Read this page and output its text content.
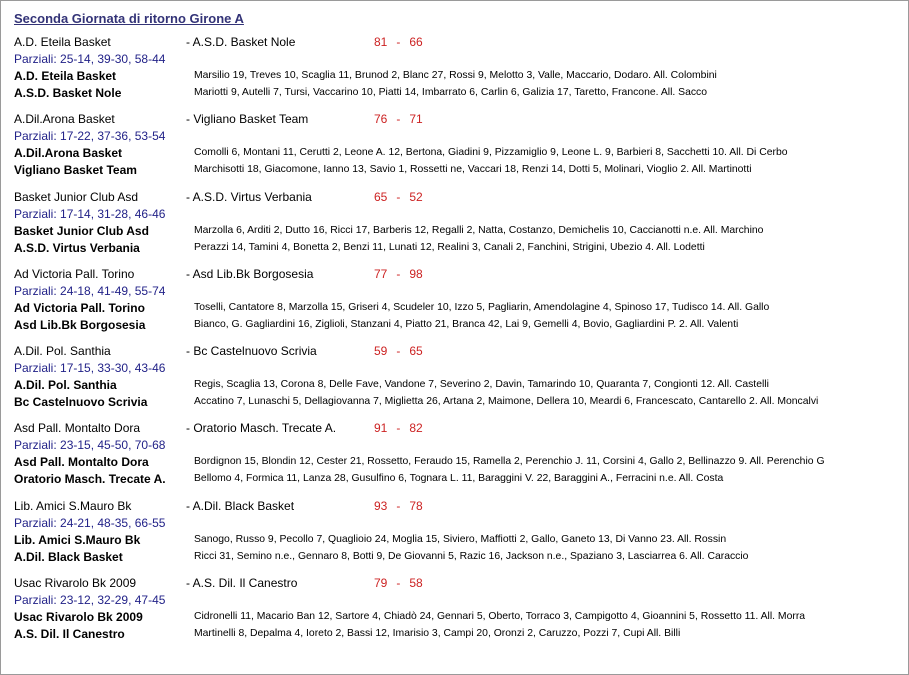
Seconda Giornata di ritorno Girone A
A.D. Eteila Basket	- A.S.D. Basket Nole	81 - 66
Parziali: 25-14, 39-30, 58-44
A.D. Eteila Basket	Marsilio 19, Treves 10, Scaglia 11, Brunod 2, Blanc 27, Rossi 9, Melotto 3, Valle, Maccario, Dodaro. All. Colombini
A.S.D. Basket Nole	Mariotti 9, Autelli 7, Tursi, Vaccarino 10, Piatti 14, Imbarrato 6, Carlin 6, Galizia 17, Taretto, Francone. All. Sacco
A.Dil.Arona Basket	- Vigliano Basket Team	76 - 71
Parziali: 17-22, 37-36, 53-54
A.Dil.Arona Basket	Comolli 6, Montani 11, Cerutti 2, Leone A. 12, Bertona, Giadini 9, Pizzamiglio 9, Leone L. 9, Barbieri 8, Sacchetti 10. All. Di Cerbo
Vigliano Basket Team	Marchisotti 18, Giacomone, Ianno 13, Savio 1, Rossetti ne, Vaccari 18, Renzi 14, Dotti 5, Molinari, Vioglio 2. All. Martinotti
Basket Junior Club Asd	- A.S.D. Virtus Verbania	65 - 52
Parziali: 17-14, 31-28, 46-46
Basket Junior Club Asd	Marzolla 6, Arditi 2, Dutto 16, Ricci 17, Barberis 12, Regalli 2, Natta, Costanzo, Demichelis 10, Caccianotti n.e. All. Marchino
A.S.D. Virtus Verbania	Perazzi 14, Tamini 4, Bonetta 2, Benzi 11, Lunati 12, Realini 3, Canali 2, Fanchini, Strigini, Ubezio 4. All. Lodetti
Ad Victoria Pall. Torino	- Asd Lib.Bk Borgosesia	77 - 98
Parziali: 24-18, 41-49, 55-74
Ad Victoria Pall. Torino	Toselli, Cantatore 8, Marzolla 15, Griseri 4, Scudeler 10, Izzo 5, Pagliarin, Amendolagine 4, Spinoso 17, Tudisco 14. All. Gallo
Asd Lib.Bk Borgosesia	Bianco, G. Gagliardini 16, Ziglioli, Stanzani 4, Piatto 21, Branca 42, Lai 9, Gemelli 4, Bovio, Gagliardini P. 2. All. Valenti
A.Dil. Pol. Santhia	- Bc Castelnuovo Scrivia	59 - 65
Parziali: 17-15, 33-30, 43-46
A.Dil. Pol. Santhia	Regis, Scaglia 13, Corona 8, Delle Fave, Vandone 7, Severino 2, Davin, Tamarindo 10, Quaranta 7, Congionti 12. All. Castelli
Bc Castelnuovo Scrivia	Accatino 7, Lunaschi 5, Dellagiovanna 7, Miglietta 26, Artana 2, Maimone, Dellera 10, Meardi 6, Francescato, Cantarello 2. All. Moncalvi
Asd Pall. Montalto Dora	- Oratorio Masch. Trecate A.	91 - 82
Parziali: 23-15, 45-50, 70-68
Asd Pall. Montalto Dora	Bordignon 15, Blondin 12, Cester 21, Rossetto, Feraudo 15, Ramella 2, Perenchio J. 11, Corsini 4, Gallo 2, Bellinazzo 9. All. Perenchio G
Oratorio Masch. Trecate A.	Bellomo 4, Formica 11, Lanza 28, Gusulfino 6, Tognara L. 11, Baraggini V. 22, Baraggini A., Ferracini n.e. All. Costa
Lib. Amici S.Mauro Bk	- A.Dil. Black Basket	93 - 78
Parziali: 24-21, 48-35, 66-55
Lib. Amici S.Mauro Bk	Sanogo, Russo 9, Pecollo 7, Quaglioio 24, Moglia 15, Siviero, Maffiotti 2, Gallo, Ganeto 13, Di Vanno 23. All. Rossin
A.Dil. Black Basket	Ricci 31, Semino n.e., Gennaro 8, Botti 9, De Giovanni 5, Razic 16, Jackson n.e., Spaziano 3, Lasciarrea 6. All. Caraccio
Usac Rivarolo Bk 2009	- A.S. Dil. Il Canestro	79 - 58
Parziali: 23-12, 32-29, 47-45
Usac Rivarolo Bk 2009	Cidronelli 11, Macario Ban 12, Sartore 4, Chiadò 24, Gennari 5, Oberto, Torraco 3, Campigotto 4, Gioannini 5, Rossetto 11. All. Morra
A.S. Dil. Il Canestro	Martinelli 8, Depalma 4, Ioreto 2, Bassi 12, Imarisio 3, Campi 20, Oronzi 2, Caruzzo, Pozzi 7, Cupi All. Billi
